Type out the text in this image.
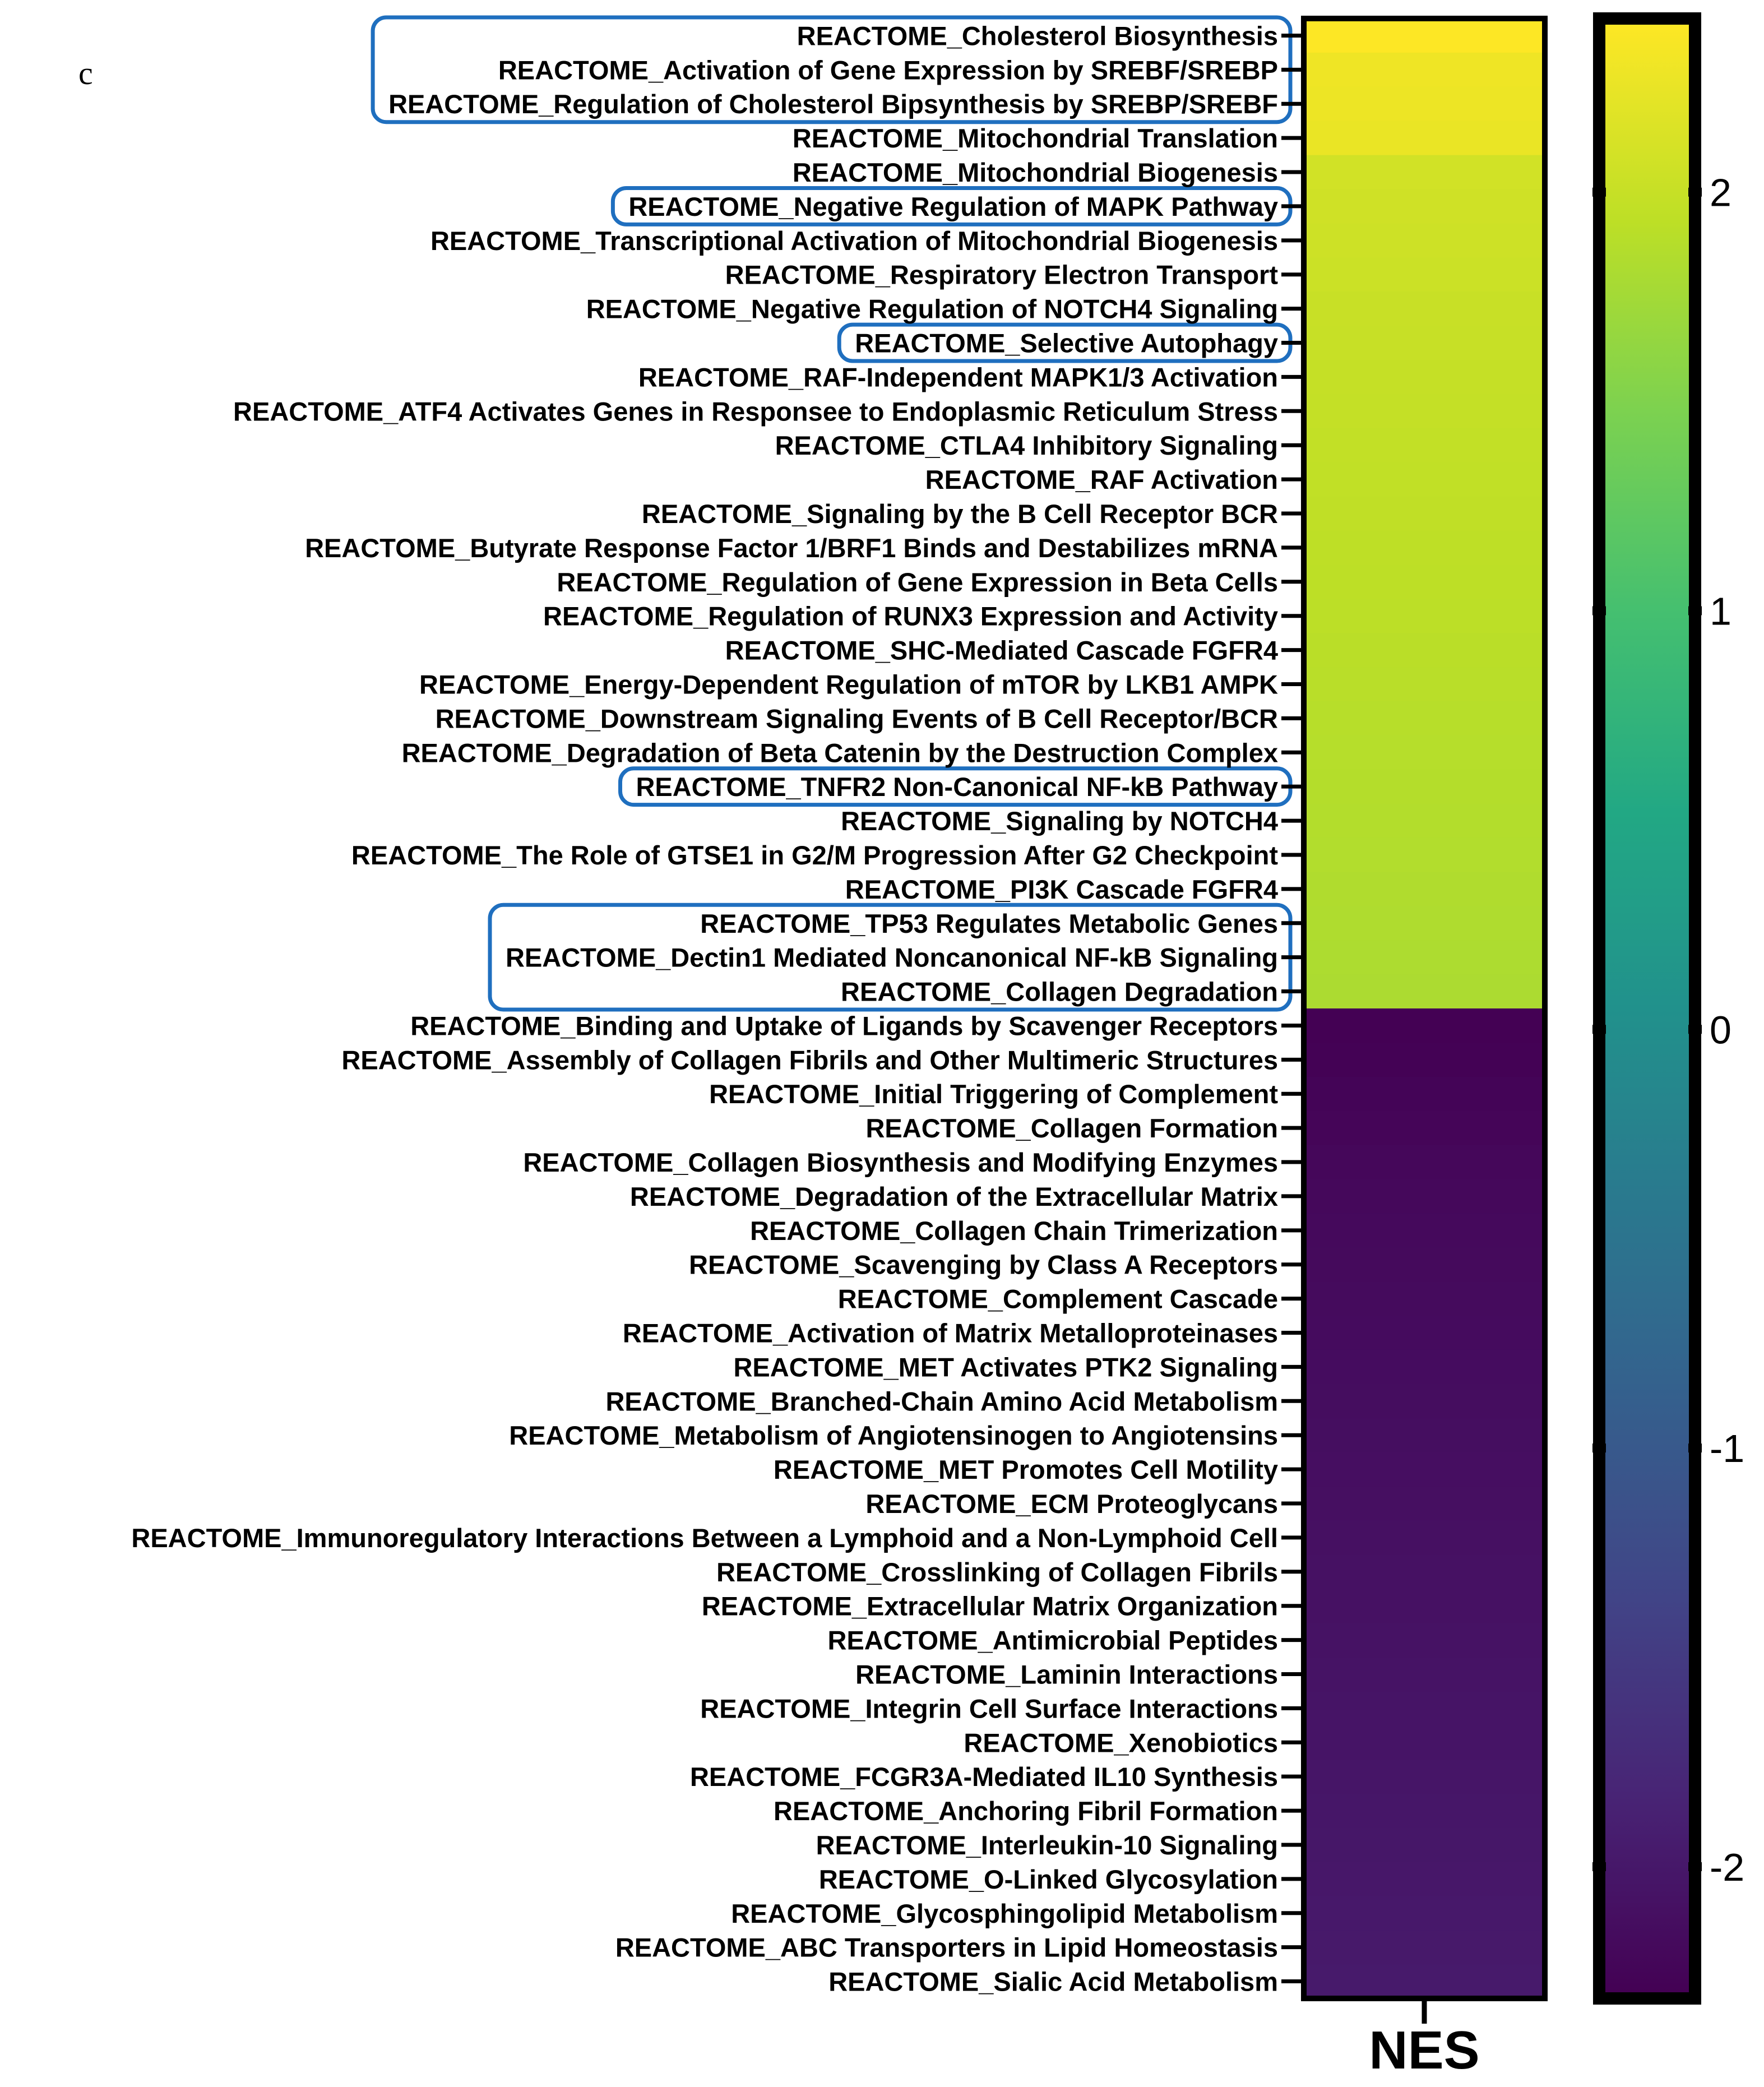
c
REACTOME_Cholesterol Biosynthesis
REACTOME_Activation of Gene Expression by SREBF/SREBP
REACTOME_Regulation of Cholesterol Bipsynthesis by SREBP/SREBF
REACTOME_Mitochondrial Translation
REACTOME_Mitochondrial Biogenesis
REACTOME_Negative Regulation of MAPK Pathway
REACTOME_Transcriptional Activation of Mitochondrial Biogenesis
REACTOME_Respiratory Electron Transport
REACTOME_Negative Regulation of NOTCH4 Signaling
REACTOME_Selective Autophagy
REACTOME_RAF-Independent MAPK1/3 Activation
REACTOME_ATF4 Activates Genes in Responsee to Endoplasmic Reticulum Stress
REACTOME_CTLA4 Inhibitory Signaling
REACTOME_RAF Activation
REACTOME_Signaling by the B Cell Receptor BCR
REACTOME_Butyrate Response Factor 1/BRF1 Binds and Destabilizes mRNA
REACTOME_Regulation of Gene Expression in Beta Cells
REACTOME_Regulation of RUNX3 Expression and Activity
REACTOME_SHC-Mediated Cascade FGFR4
REACTOME_Energy-Dependent Regulation of mTOR by LKB1 AMPK
REACTOME_Downstream Signaling Events of B Cell Receptor/BCR
REACTOME_Degradation of Beta Catenin by the Destruction Complex
REACTOME_TNFR2 Non-Canonical NF-kB Pathway
REACTOME_Signaling by NOTCH4
REACTOME_The Role of GTSE1 in G2/M Progression After G2 Checkpoint
REACTOME_PI3K Cascade FGFR4
REACTOME_TP53 Regulates Metabolic Genes
REACTOME_Dectin1 Mediated Noncanonical NF-kB Signaling
REACTOME_Collagen Degradation
REACTOME_Binding and Uptake of Ligands by Scavenger Receptors
REACTOME_Assembly of Collagen Fibrils and Other Multimeric Structures
REACTOME_Initial Triggering of Complement
REACTOME_Collagen Formation
REACTOME_Collagen Biosynthesis and Modifying Enzymes
REACTOME_Degradation of the Extracellular Matrix
REACTOME_Collagen Chain Trimerization
REACTOME_Scavenging by Class A Receptors
REACTOME_Complement Cascade
REACTOME_Activation of Matrix Metalloproteinases
REACTOME_MET Activates PTK2 Signaling
REACTOME_Branched-Chain Amino Acid Metabolism
REACTOME_Metabolism of Angiotensinogen to Angiotensins
REACTOME_MET Promotes Cell Motility
REACTOME_ECM Proteoglycans
REACTOME_Immunoregulatory Interactions Between a Lymphoid and a Non-Lymphoid Cell
REACTOME_Crosslinking of Collagen Fibrils
REACTOME_Extracellular Matrix Organization
REACTOME_Antimicrobial Peptides
REACTOME_Laminin Interactions
REACTOME_Integrin Cell Surface Interactions
REACTOME_Xenobiotics
REACTOME_FCGR3A-Mediated IL10 Synthesis
REACTOME_Anchoring Fibril Formation
REACTOME_Interleukin-10 Signaling
REACTOME_O-Linked Glycosylation
REACTOME_Glycosphingolipid Metabolism
REACTOME_ABC Transporters in Lipid Homeostasis
REACTOME_Sialic Acid Metabolism
NES
2
1
0
-1
-2
